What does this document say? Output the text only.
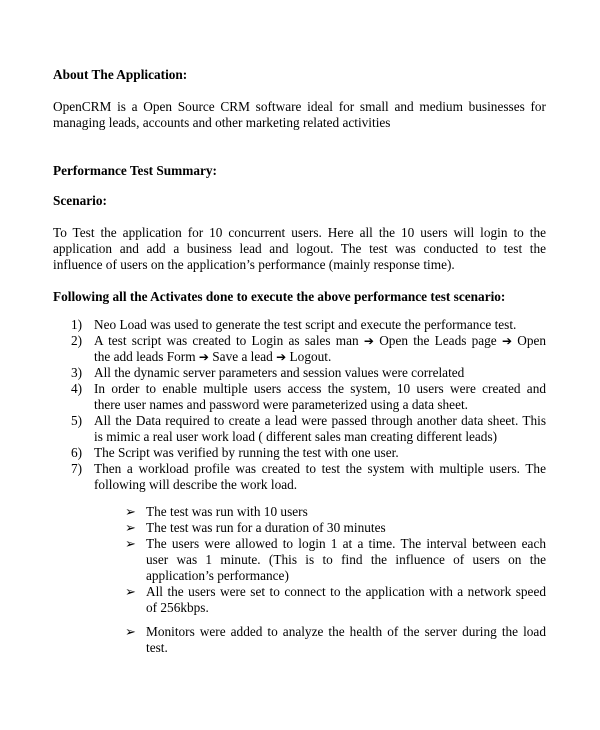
About The Application:

OpenCRM is a Open Source CRM software ideal for small and medium businesses for
managing leads, accounts and other marketing related activities

Performance Test Summary:

Scenario:

To Test the application for 10 concurrent users. Here all the 10 users will login to the
application and add a business lead and logout. The test was conducted to test the
influence of users on the application’s performance (mainly response time).

Following all the Activates done to execute the above performance test scenario:

1) Neo Load was used to generate the test script and execute the performance test.
2) A test script was created to Login as sales man ➔ Open the Leads page ➔ Open
the add leads Form ➔ Save a lead ➔ Logout.
3) All the dynamic server parameters and session values were correlated
4) In order to enable multiple users access the system, 10 users were created and
there user names and password were parameterized using a data sheet.
5) All the Data required to create a lead were passed through another data sheet. This
is mimic a real user work load ( different sales man creating different leads)
6) The Script was verified by running the test with one user.
7) Then a workload profile was created to test the system with multiple users. The
following will describe the work load.
➢ The test was run with 10 users
➢ The test was run for a duration of 30 minutes
➢ The users were allowed to login 1 at a time. The interval between each
user was 1 minute. (This is to find the influence of users on the
application’s performance)
➢ All the users were set to connect to the application with a network speed
of 256kbps.
➢ Monitors were added to analyze the health of the server during the load
test.
